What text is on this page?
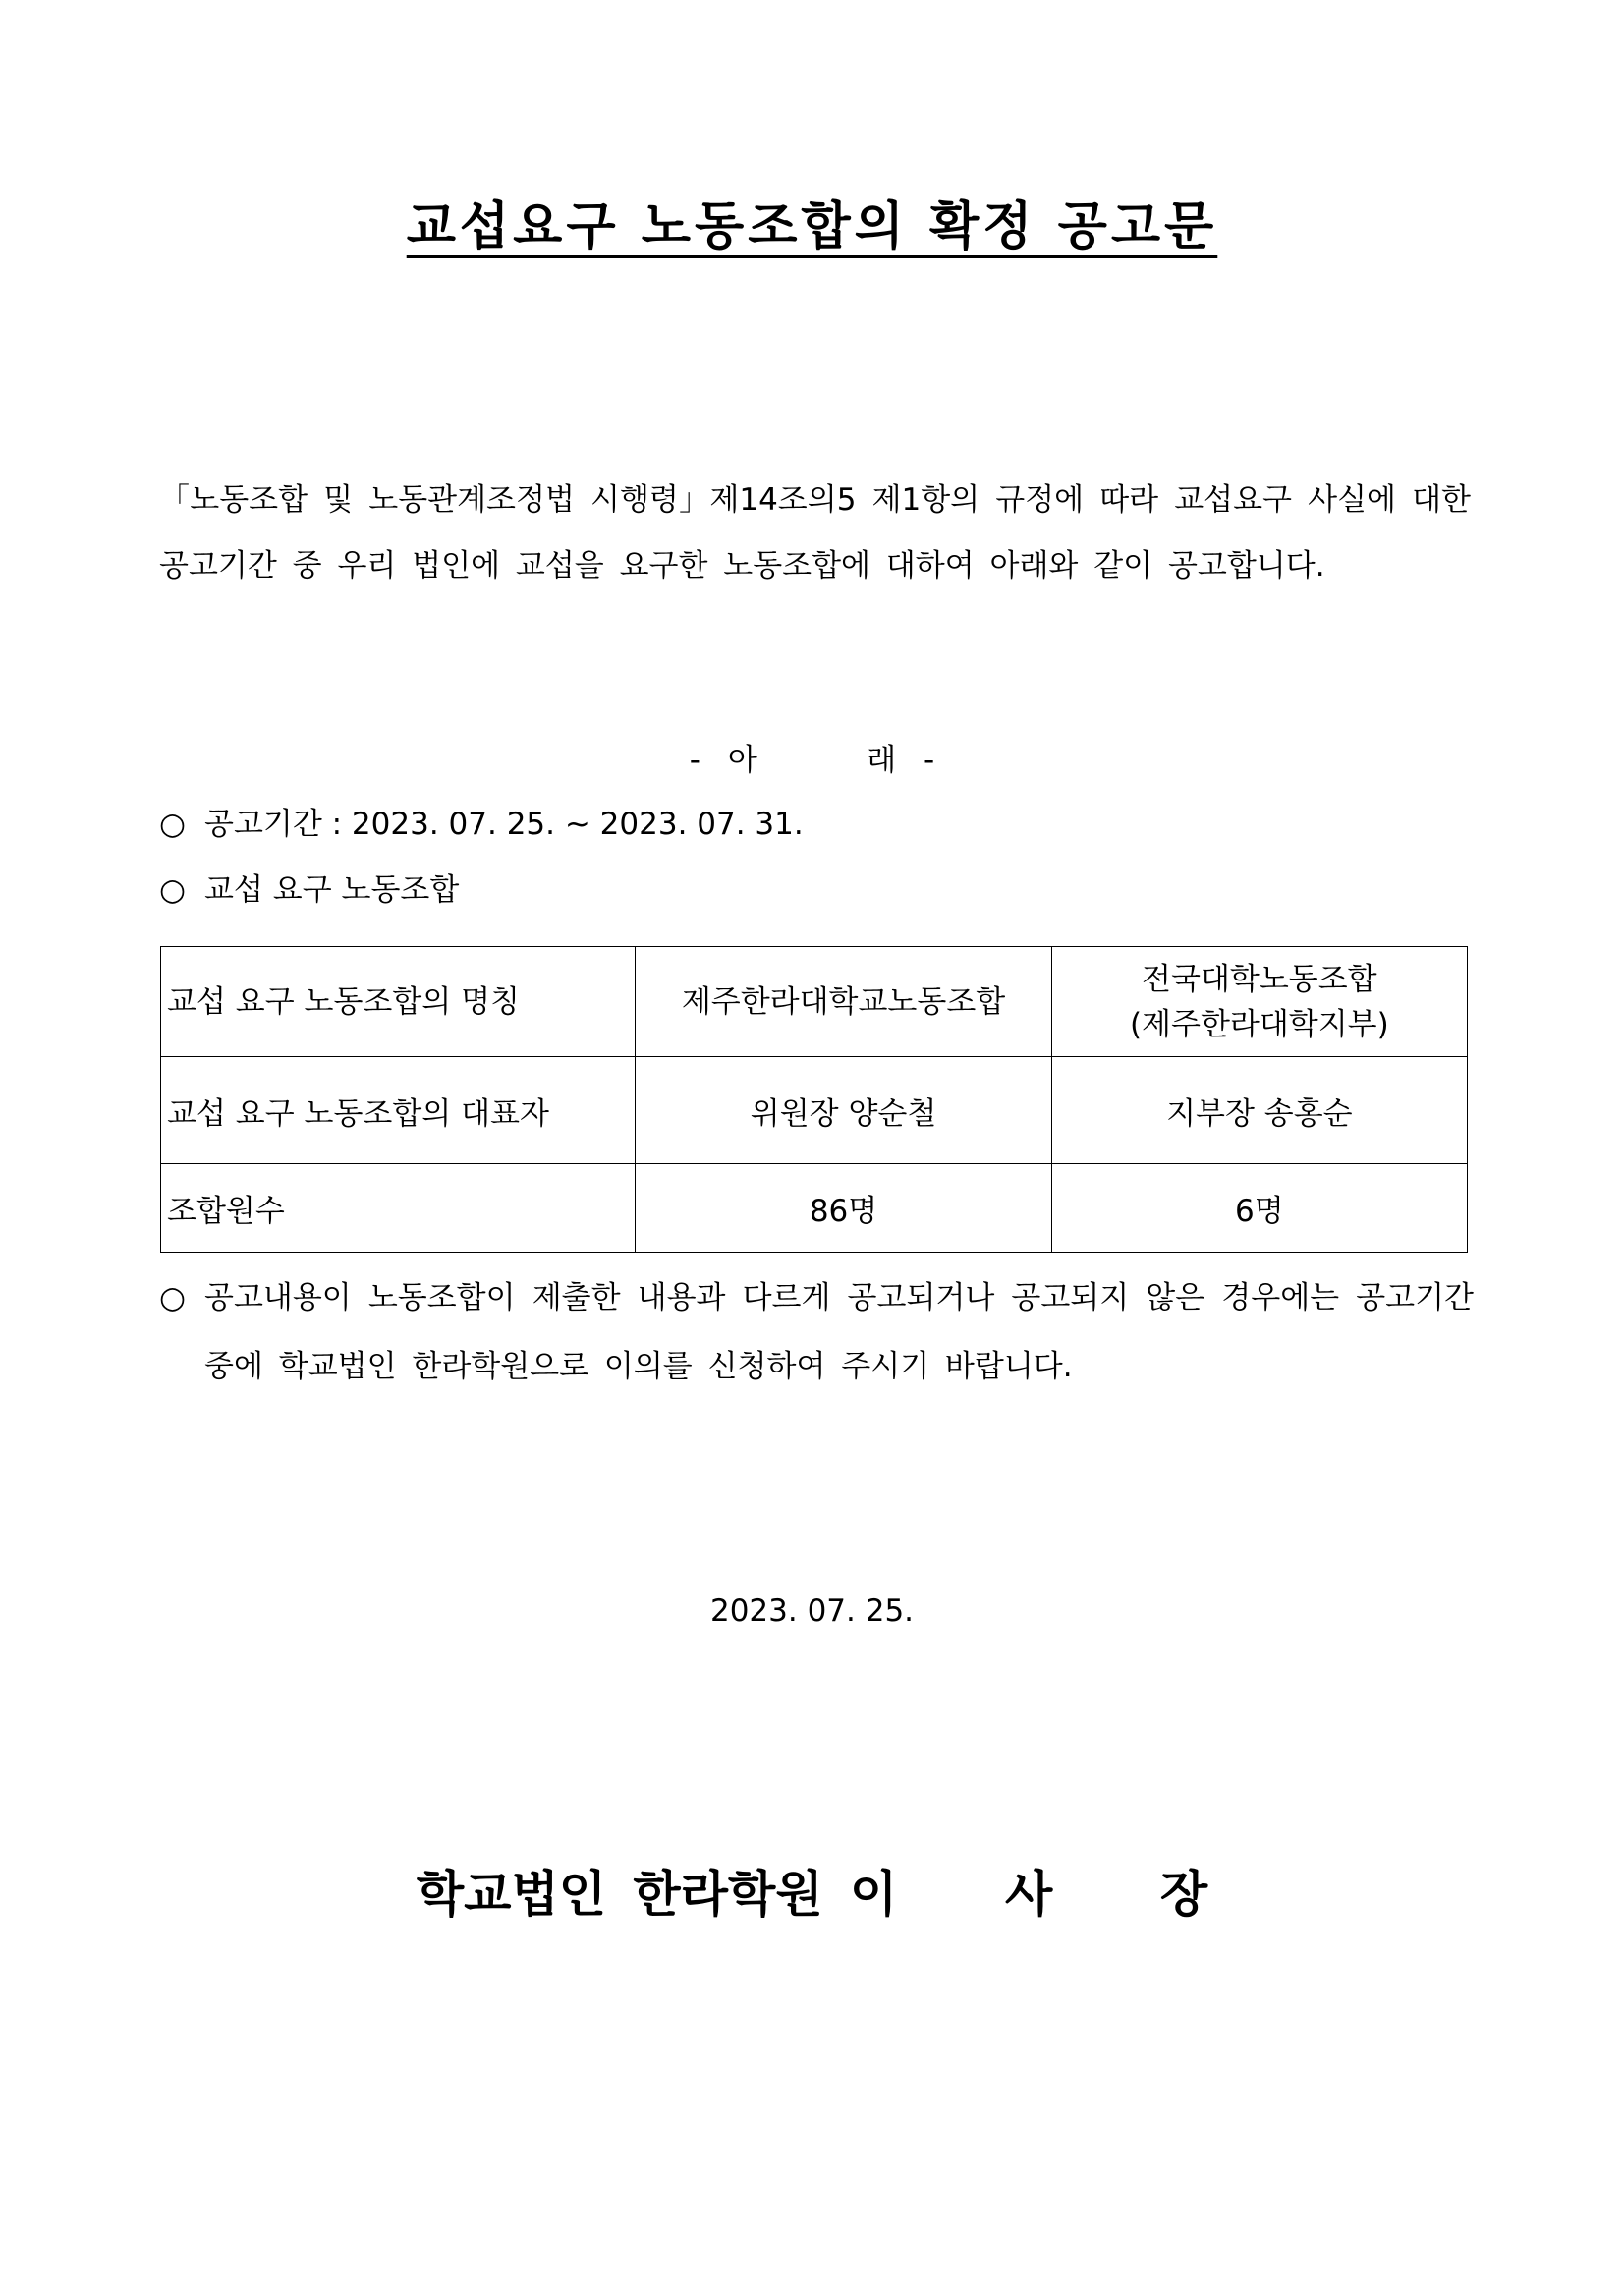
교섭요구 노동조합의 확정 공고문
「노동조합 및 노동관계조정법 시행령」제14조의5 제1항의 규정에 따라 교섭요구 사실에 대한 공고기간 중 우리 법인에 교섭을 요구한 노동조합에 대하여 아래와 같이 공고합니다.
- 아    래 -
○ 공고기간 : 2023. 07. 25. ~ 2023. 07. 31.
○ 교섭 요구 노동조합
교섭 요구 노동조합의 명칭	제주한라대학교노동조합	전국대학노동조합
(제주한라대학지부)

교섭 요구 노동조합의 대표자	위원장 양순철	지부장 송홍순
조합원수	86명	6명
○ 공고내용이 노동조합이 제출한 내용과 다르게 공고되거나 공고되지 않은 경우에는 공고기간 중에 학교법인 한라학원으로 이의를 신청하여 주시기 바랍니다.
2023. 07. 25.
학교법인 한라학원 이    사    장
